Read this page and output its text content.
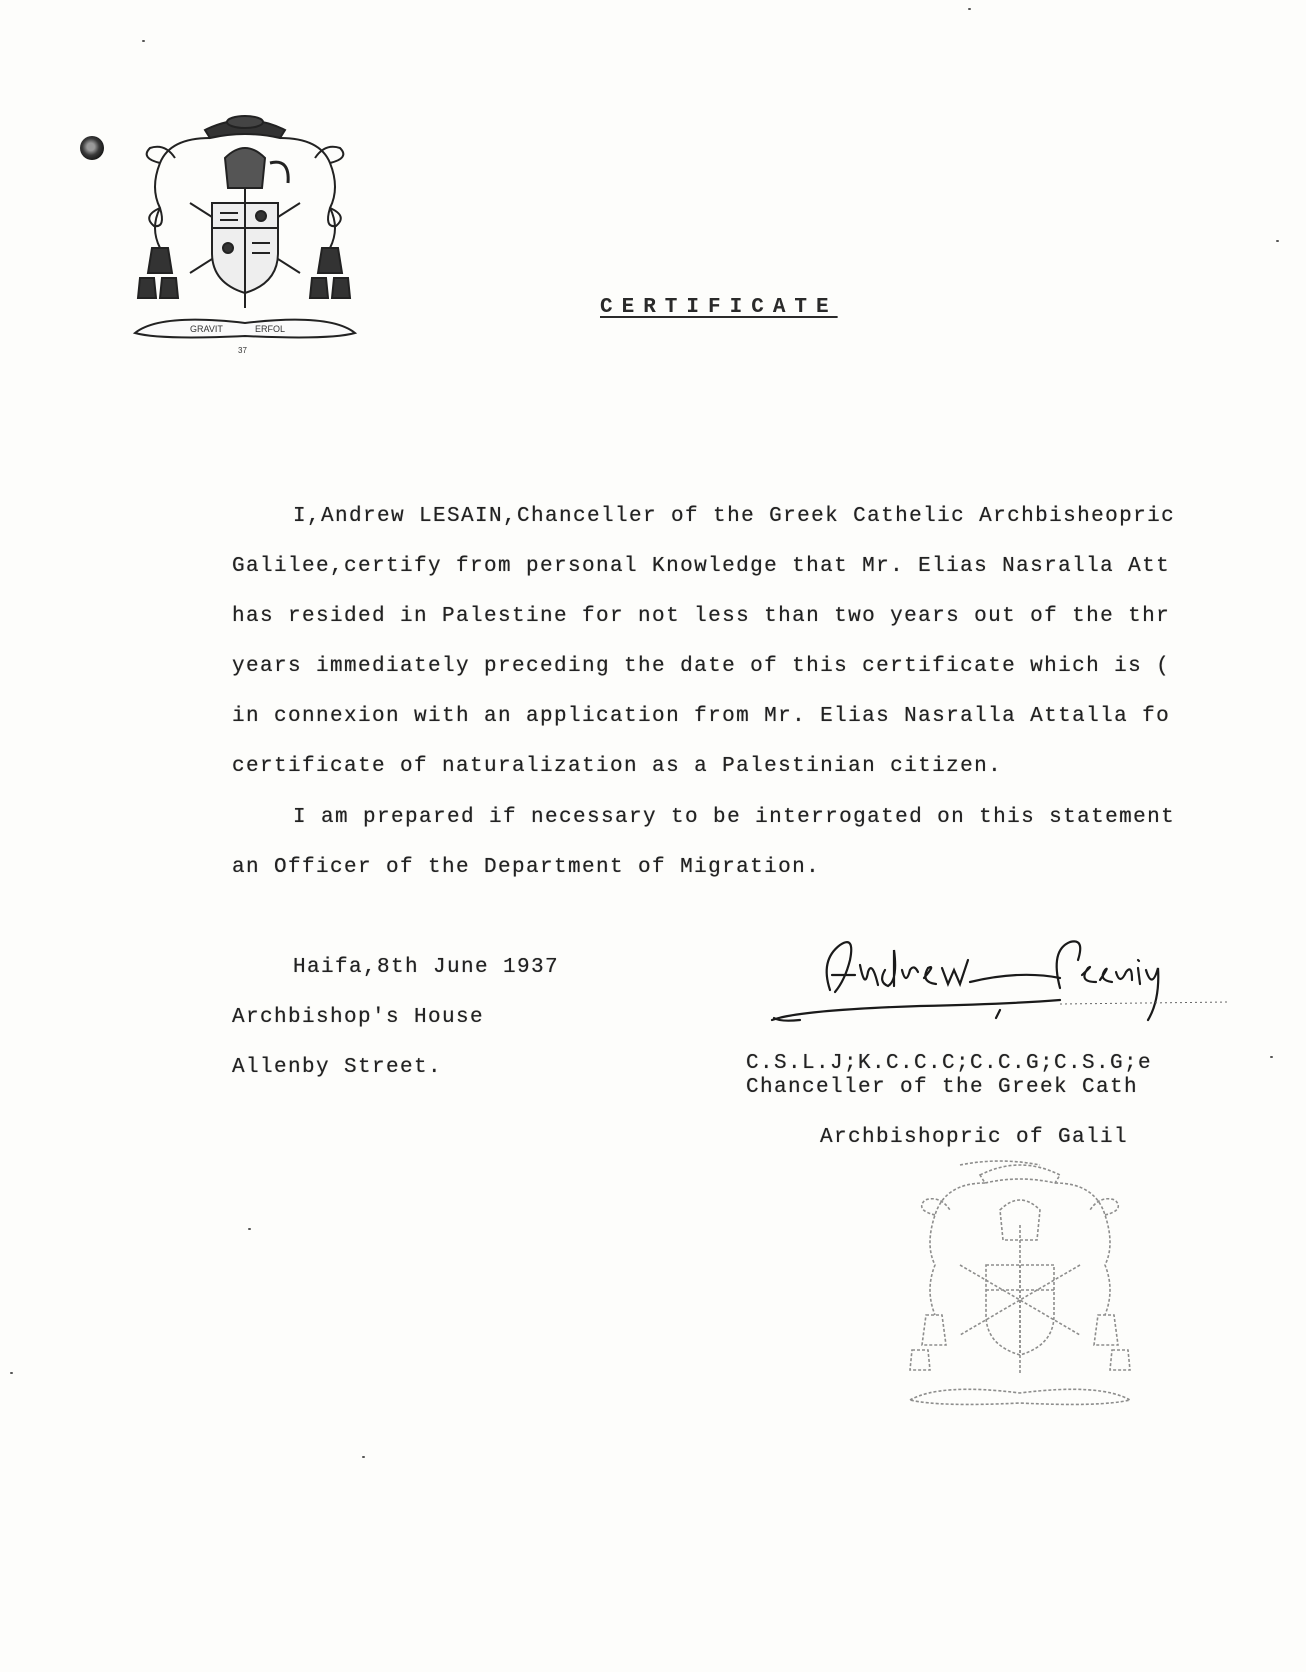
GRAVIT	ERFOL
37
CERTIFICATE
I,Andrew LESAIN,Chanceller of the Greek Cathelic Archbisheopric
Galilee,certify from personal Knowledge that Mr. Elias Nasralla Att
has resided in Palestine for not less than two years out of the thr
years immediately preceding the date of this certificate which is (
in connexion with an application from Mr. Elias Nasralla Attalla fo
certificate of naturalization as a Palestinian citizen.
I am prepared if necessary to be interrogated on this statement
an Officer of the Department of Migration.
Haifa,8th June 1937
Archbishop's House
Allenby Street.	C.S.L.J;K.C.C.C;C.C.G;C.S.G;e
Chanceller of the Greek Cath
Archbishopric of Galil
